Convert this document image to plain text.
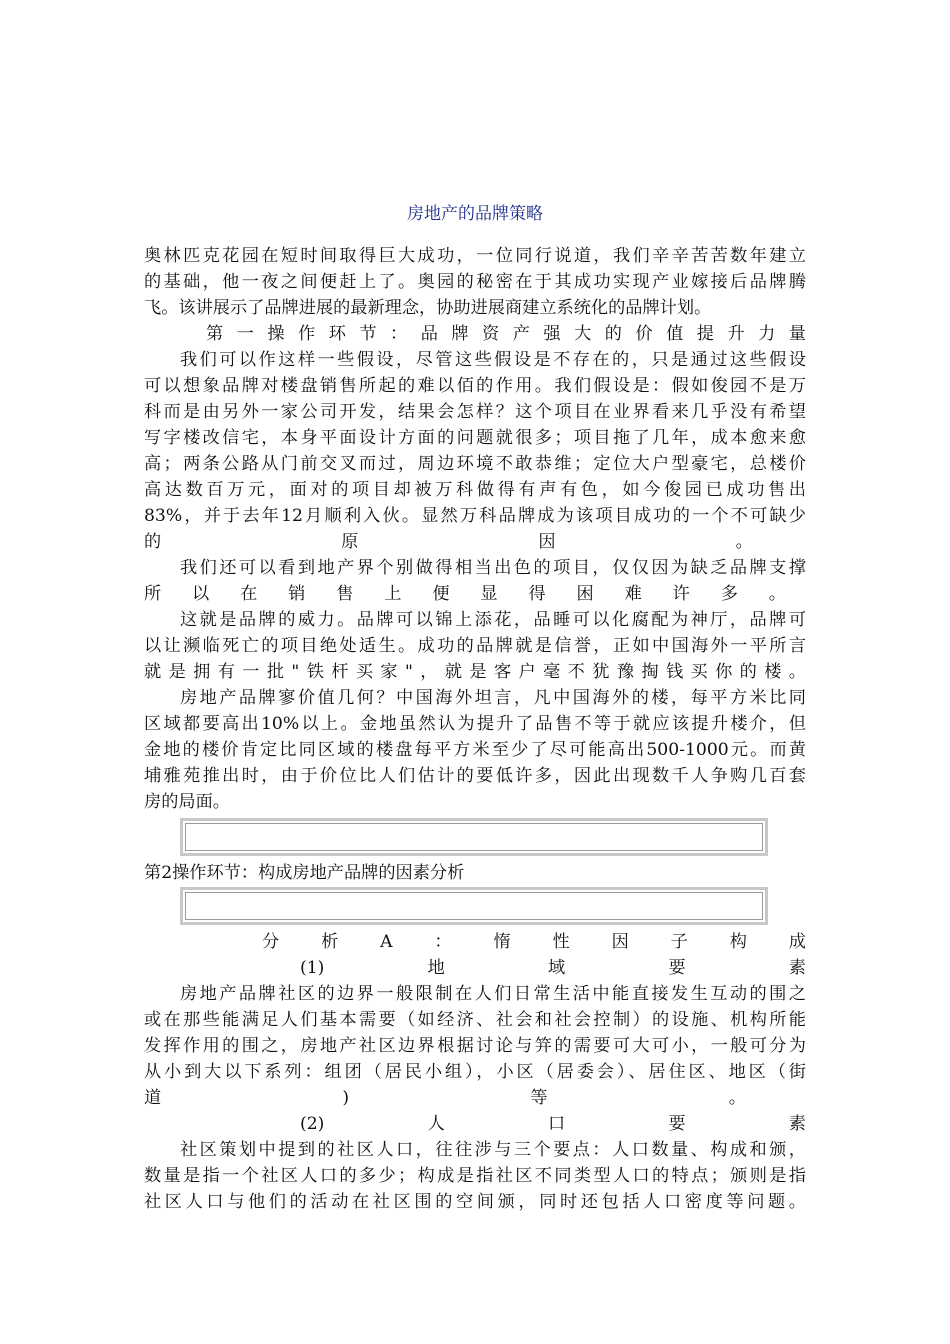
房地产的品牌策略
奥林匹克花园在短时间取得巨大成功，一位同行说道，我们辛辛苦苦数年建立
的基础，他一夜之间便赶上了。奥园的秘密在于其成功实现产业嫁接后品牌腾
飞。该讲展示了品牌进展的最新理念，协助进展商建立系统化的品牌计划。
第一操作环节：品牌资产强大的价值提升力量
我们可以作这样一些假设，尽管这些假设是不存在的，只是通过这些假设
可以想象品牌对楼盘销售所起的难以佰的作用。我们假设是：假如俊园不是万
科而是由另外一家公司开发，结果会怎样？这个项目在业界看来几乎没有希望
写字楼改信宅，本身平面设计方面的问题就很多；项目拖了几年，成本愈来愈
高；两条公路从门前交叉而过，周边环境不敢恭维；定位大户型豪宅，总楼价
高达数百万元，面对的项目却被万科做得有声有色，如今俊园已成功售出
83%，并于去年12月顺利入伙。显然万科品牌成为该项目成功的一个不可缺少
的原因。
我们还可以看到地产界个别做得相当出色的项目，仅仅因为缺乏品牌支撑
所以在销售上便显得困难许多。
这就是品牌的威力。品牌可以锦上添花，品睡可以化腐配为神厅，品牌可
以让濒临死亡的项目绝处适生。成功的品牌就是信誉，正如中国海外一平所言
就是拥有一批"铁杆买家"，就是客户毫不犹豫掏钱买你的楼。
房地产品牌寥价值几何？中国海外坦言，凡中国海外的楼，每平方米比同
区域都要高出10%以上。金地虽然认为提升了品售不等于就应该提升楼介，但
金地的楼价肯定比同区域的楼盘每平方米至少了尽可能高出500-1000元。而黄
埔雅苑推出时，由于价位比人们估计的要低许多，因此出现数千人争购几百套
房的局面。
第2操作环节：构成房地产品牌的因素分析
分析A：惰性因子构成
(1)地域要素
房地产品牌社区的边界一般限制在人们日常生活中能直接发生互动的围之
或在那些能满足人们基本需要（如经济、社会和社会控制）的设施、机构所能
发挥作用的围之，房地产社区边界根据讨论与笄的需要可大可小，一般可分为
从小到大以下系列：组团（居民小组），小区（居委会）、居住区、地区（街
道)等。
(2)人口要素
社区策划中提到的社区人口，往往涉与三个要点：人口数量、构成和颁，
数量是指一个社区人口的多少；构成是指社区不同类型人口的特点；颁则是指
社区人口与他们的活动在社区围的空间颁，同时还包括人口密度等问题。
